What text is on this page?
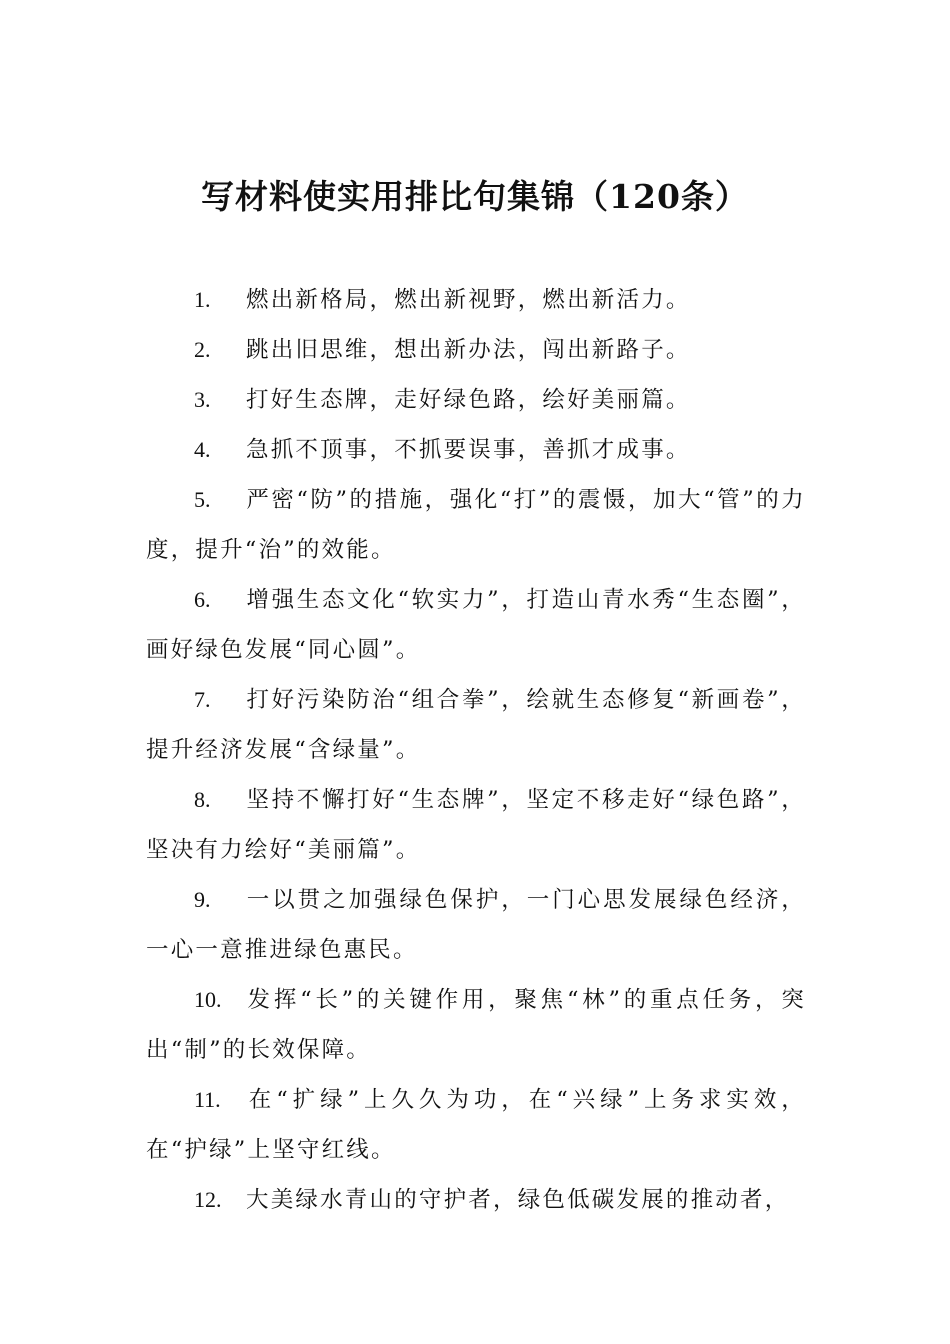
写材料使实用排比句集锦（120条）

1. 燃出新格局，燃出新视野，燃出新活力。

2. 跳出旧思维，想出新办法，闯出新路子。

3. 打好生态牌，走好绿色路，绘好美丽篇。

4. 急抓不顶事，不抓要误事，善抓才成事。

5. 严密“防”的措施，强化“打”的震慑，加大“管”的力度，提升“治”的效能。

6. 增强生态文化“软实力”，打造山青水秀“生态圈”，画好绿色发展“同心圆”。

7. 打好污染防治“组合拳”，绘就生态修复“新画卷”，提升经济发展“含绿量”。

8. 坚持不懈打好“生态牌”，坚定不移走好“绿色路”，坚决有力绘好“美丽篇”。

9. 一以贯之加强绿色保护，一门心思发展绿色经济，一心一意推进绿色惠民。

10. 发挥“长”的关键作用，聚焦“林”的重点任务，突出“制”的长效保障。

11. 在“扩绿”上久久为功，在“兴绿”上务求实效，在“护绿”上坚守红线。

12. 大美绿水青山的守护者，绿色低碳发展的推动者，
